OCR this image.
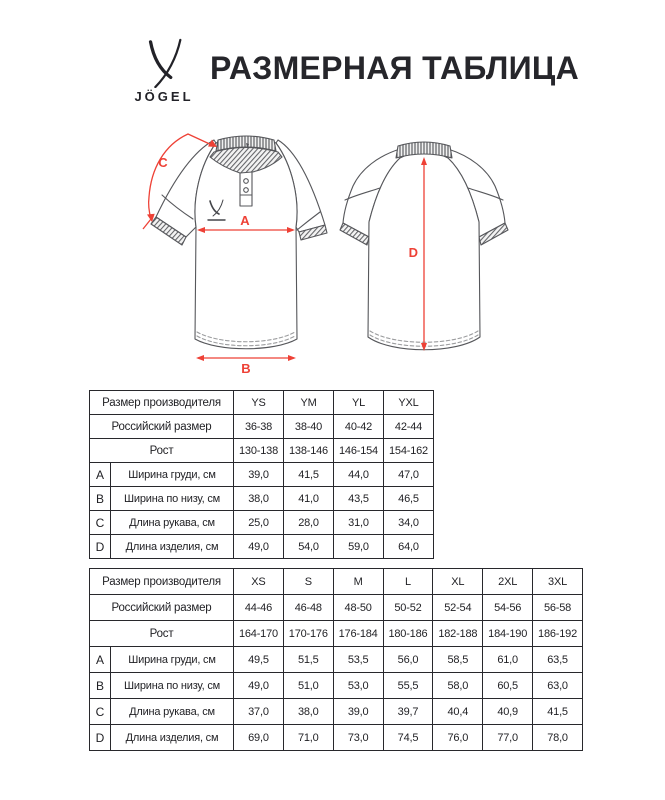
JÖGEL
РАЗМЕРНАЯ ТАБЛИЦА
A
B
C
D
Размер производителя		YS	YM	YL	YXL
Российский размер		36-38	38-40	40-42	42-44
Рост		130-138	138-146	146-154	154-162
A	Ширина груди, см	39,0	41,5	44,0	47,0
B	Ширина по низу, см	38,0	41,0	43,5	46,5
C	Длина рукава, см	25,0	28,0	31,0	34,0
D	Длина изделия, см	49,0	54,0	59,0	64,0
Размер производителя		XS	S	M	L	XL	2XL	3XL
Российский размер		44-46	46-48	48-50	50-52	52-54	54-56	56-58
Рост		164-170	170-176	176-184	180-186	182-188	184-190	186-192
A	Ширина груди, см	49,5	51,5	53,5	56,0	58,5	61,0	63,5
B	Ширина по низу, см	49,0	51,0	53,0	55,5	58,0	60,5	63,0
C	Длина рукава, см	37,0	38,0	39,0	39,7	40,4	40,9	41,5
D	Длина изделия, см	69,0	71,0	73,0	74,5	76,0	77,0	78,0
